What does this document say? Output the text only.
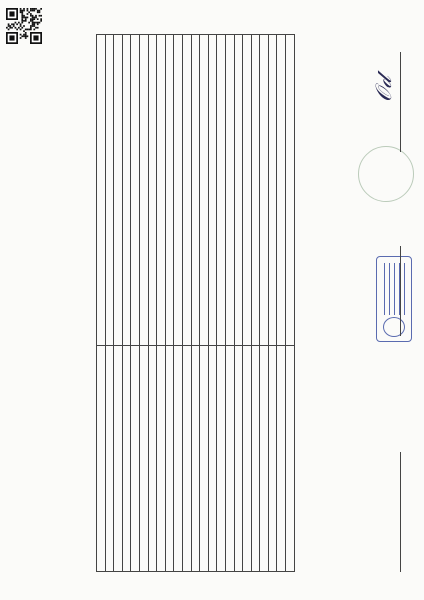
𝒪𝒹
